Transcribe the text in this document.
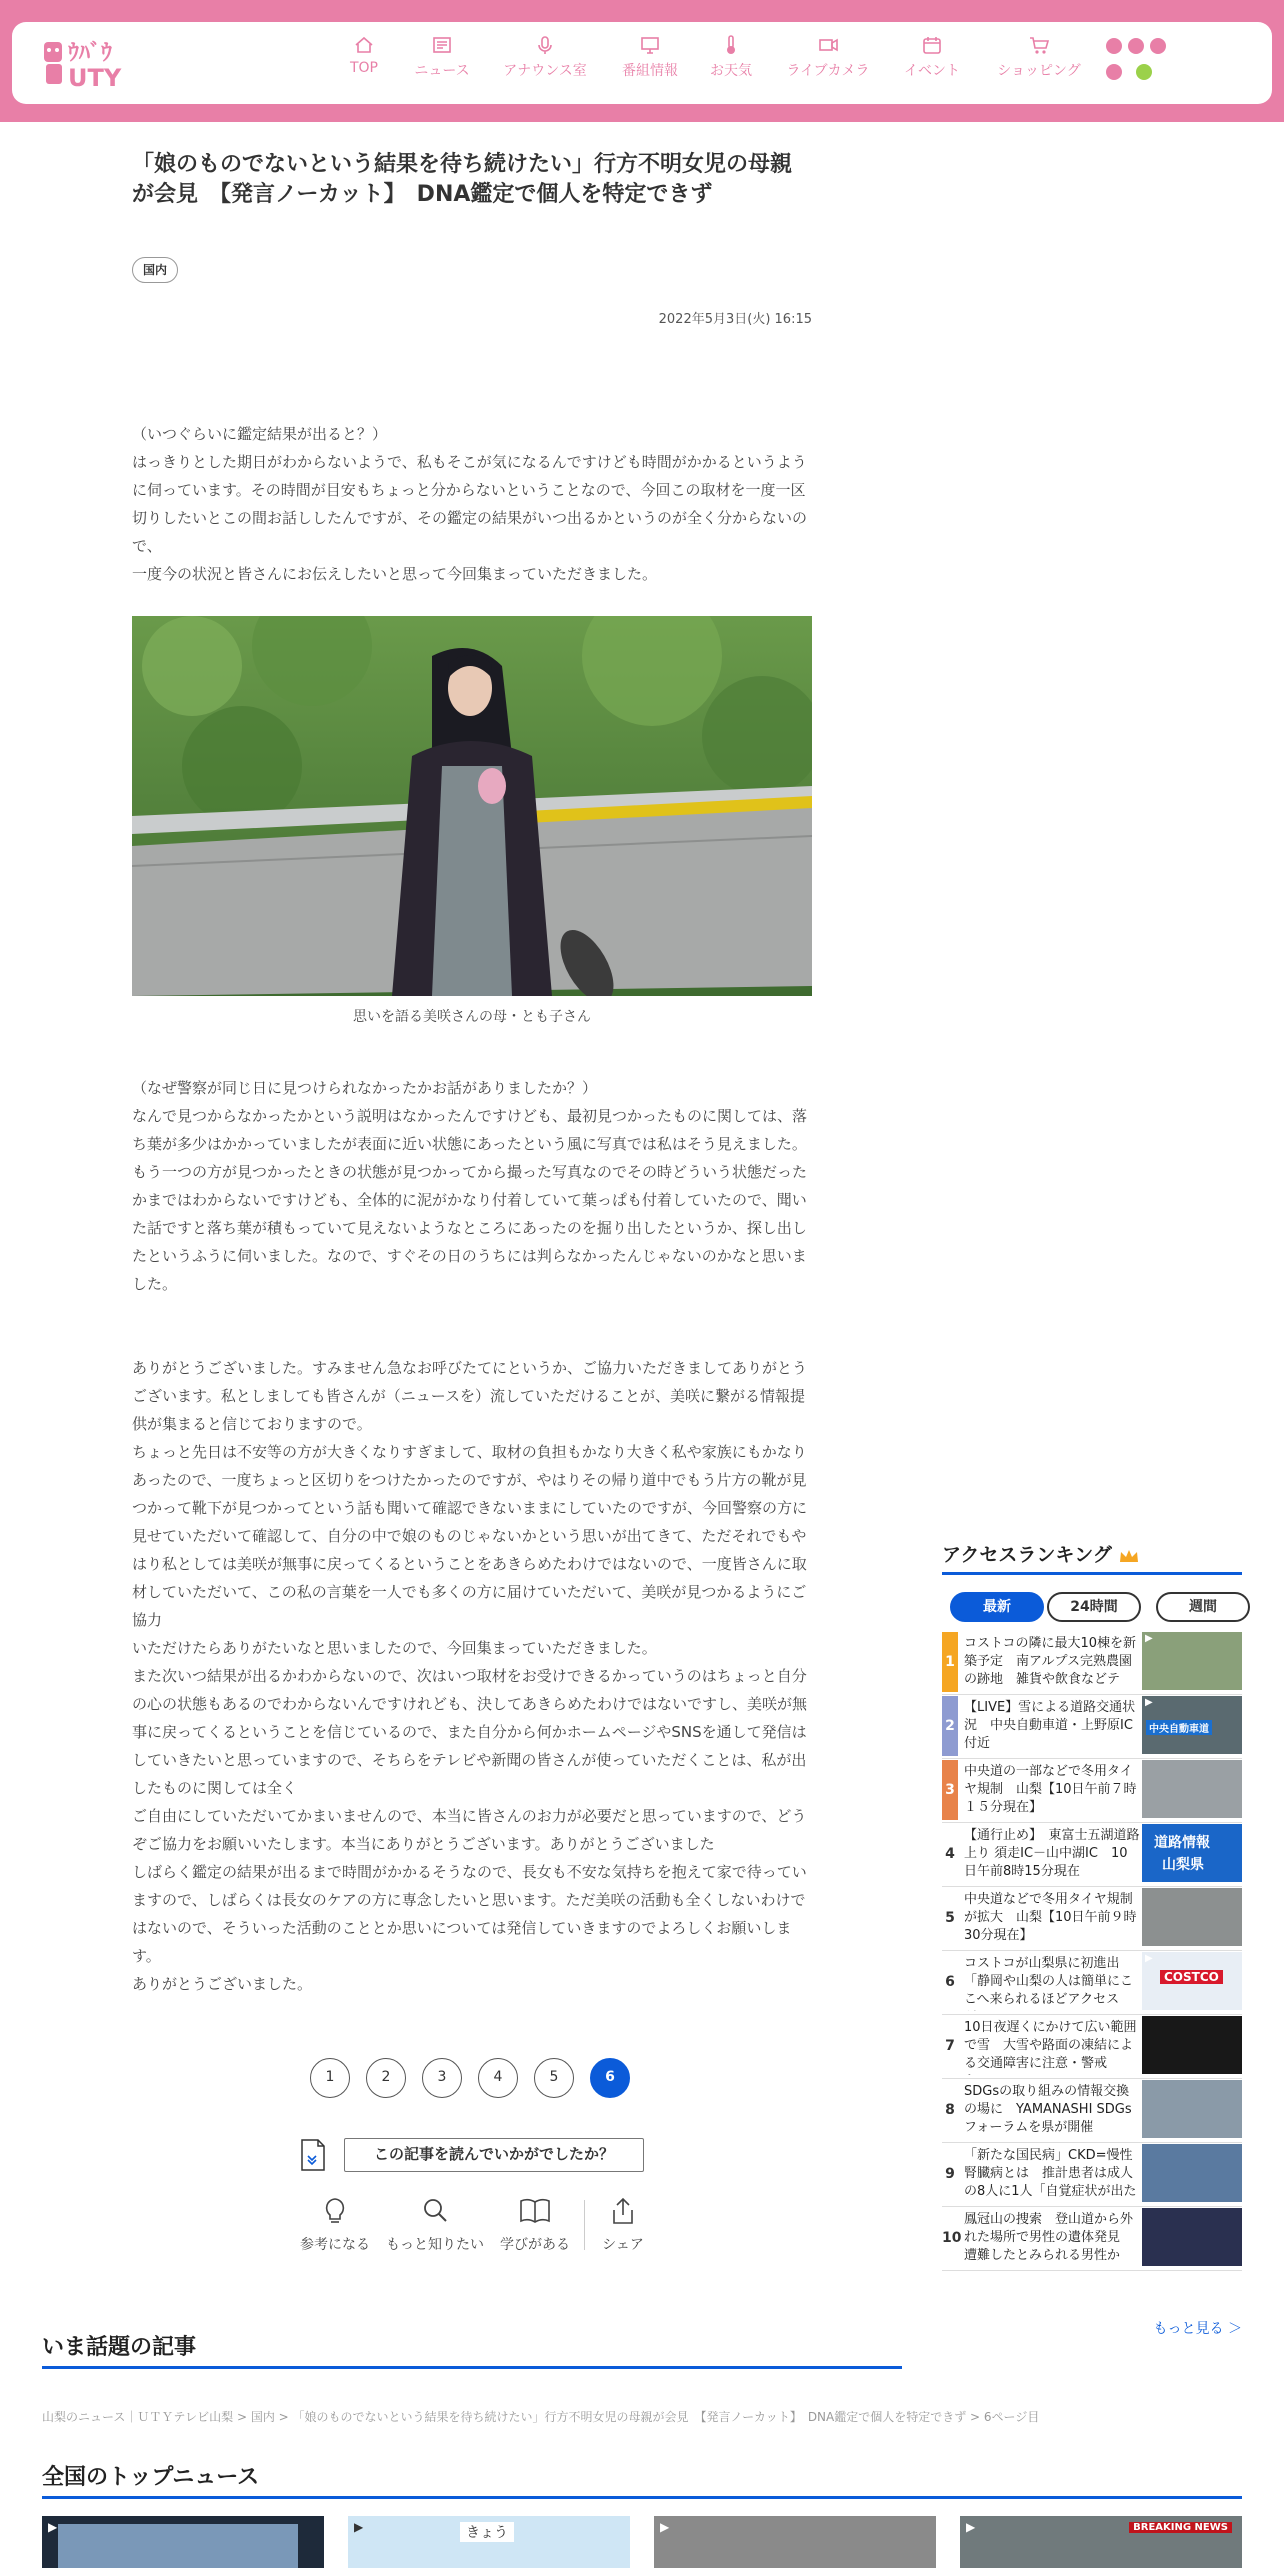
ｳﾊﾞｳ
UTY	TOP	ニュース	アナウンス室	番組情報	お天気	ライブカメラ	イベント	ショッピング
「娘のものでないという結果を待ち続けたい」行方不明女児の母親が会見　【発言ノーカット】　DNA鑑定で個人を特定できず
国内
2022年5月3日(火) 16:15
（いつぐらいに鑑定結果が出ると？）
はっきりとした期日がわからないようで、私もそこが気になるんですけども時間がかかるというように伺っています。その時間が目安もちょっと分からないということなので、今回この取材を一度一区切りしたいとこの間お話ししたんですが、その鑑定の結果がいつ出るかというのが全く分からないので、
一度今の状況と皆さんにお伝えしたいと思って今回集まっていただきました。
思いを語る美咲さんの母・とも子さん
（なぜ警察が同じ日に見つけられなかったかお話がありましたか？）
なんで見つからなかったかという説明はなかったんですけども、最初見つかったものに関しては、落ち葉が多少はかかっていましたが表面に近い状態にあったという風に写真では私はそう見えました。
もう一つの方が見つかったときの状態が見つかってから撮った写真なのでその時どういう状態だったかまではわからないですけども、全体的に泥がかなり付着していて葉っぱも付着していたので、聞いた話ですと落ち葉が積もっていて見えないようなところにあったのを掘り出したというか、探し出したというふうに伺いました。なので、すぐその日のうちには判らなかったんじゃないのかなと思いました。
ありがとうございました。すみません急なお呼びたてにというか、ご協力いただきましてありがとうございます。私としましても皆さんが（ニュースを）流していただけることが、美咲に繋がる情報提供が集まると信じておりますので。
ちょっと先日は不安等の方が大きくなりすぎまして、取材の負担もかなり大きく私や家族にもかなりあったので、一度ちょっと区切りをつけたかったのですが、やはりその帰り道中でもう片方の靴が見つかって靴下が見つかってという話も聞いて確認できないままにしていたのですが、今回警察の方に見せていただいて確認して、自分の中で娘のものじゃないかという思いが出てきて、ただそれでもやはり私としては美咲が無事に戻ってくるということをあきらめたわけではないので、一度皆さんに取材していただいて、この私の言葉を一人でも多くの方に届けていただいて、美咲が見つかるようにご協力
いただけたらありがたいなと思いましたので、今回集まっていただきました。
また次いつ結果が出るかわからないので、次はいつ取材をお受けできるかっていうのはちょっと自分の心の状態もあるのでわからないんですけれども、決してあきらめたわけではないですし、美咲が無事に戻ってくるということを信じているので、また自分から何かホームページやSNSを通して発信はしていきたいと思っていますので、そちらをテレビや新聞の皆さんが使っていただくことは、私が出したものに関しては全く
ご自由にしていただいてかまいませんので、本当に皆さんのお力が必要だと思っていますので、どうぞご協力をお願いいたします。本当にありがとうございます。ありがとうございました
しばらく鑑定の結果が出るまで時間がかかるそうなので、長女も不安な気持ちを抱えて家で待っていますので、しばらくは長女のケアの方に専念したいと思います。ただ美咲の活動も全くしないわけではないので、そういった活動のこととか思いについては発信していきますのでよろしくお願いします。
ありがとうございました。
1	2	3	4	5	6
この記事を読んでいかがでしたか？
参考になる	もっと知りたい	学びがある	シェア
アクセスランキング
最新	24時間	週間
1
コストコの隣に最大10棟を新築予定　南アルプス完熟農園の跡地　雑貨や飲食などテ
▶
2
【LIVE】雪による道路交通状況　中央自動車道・上野原IC付近
▶
中央自動車道
3
中央道の一部などで冬用タイヤ規制　山梨【10日午前７時１５分現在】
4
【通行止め】　東富士五湖道路上り 須走IC－山中湖IC　10日午前8時15分現在
道路情報
山梨県
5
中央道などで冬用タイヤ規制が拡大　山梨【10日午前９時30分現在】
6
コストコが山梨県に初進出　「静岡や山梨の人は簡単にここへ来られるほどアクセス
▶
COSTCO
7
10日夜遅くにかけて広い範囲で雪　大雪や路面の凍結による交通障害に注意・警戒　
8
SDGsの取り組みの情報交換の場に　YAMANASHI SDGs フォーラムを県が開催
9
「新たな国民病」CKD=慢性腎臓病とは　推計患者は成人の8人に1人「自覚症状が出た
10
鳳冠山の捜索　登山道から外れた場所で男性の遺体発見　遭難したとみられる男性か
もっと見る ＞
いま話題の記事
山梨のニュース｜ＵＴＹテレビ山梨 > 国内 > 「娘のものでないという結果を待ち続けたい」行方不明女児の母親が会見　【発言ノーカット】　DNA鑑定で個人を特定できず > 6ページ目
全国のトップニュース
▶	▶	きょう	▶	▶	BREAKING NEWS
